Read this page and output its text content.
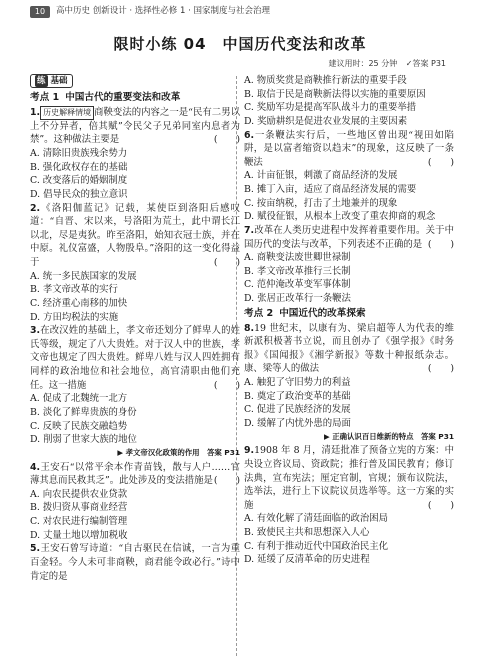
10	高中历史 创新设计 · 选择性必修 1 · 国家制度与社会治理
限时小练 04　中国历代变法和改革
建议用时：25 分钟 ✓答案 P31
练 基础
考点 1 中国古代的重要变法和改革

1. 历史解释情境 商鞅变法的内容之一是“民有二男以上不分异者，倍其赋”令民父子兄弟同室内息者为禁”。这种做法主要是	(　　)

A. 清除旧贵族残余势力

B. 强化政权存在的基础

C. 改变落后的婚姻制度

D. 倡导民众的独立意识

2.《洛阳伽蓝记》记载，某使臣到洛阳后感叹道：“自晋、宋以来，号洛阳为荒土，此中谓长江以北，尽是夷狄。昨至洛阳，始知衣冠士族，并在中原。礼仪富盛，人物殷阜。”洛阳的这一变化得益于	(　　)

A. 统一多民族国家的发展

B. 孝文帝改革的实行

C. 经济重心南移的加快

D. 方田均税法的实施

3.在改汉姓的基础上，孝文帝还划分了鲜卑人的姓氏等级，规定了八大贵姓。对于汉人中的世族，孝文帝也规定了四大贵姓。鲜卑八姓与汉人四姓拥有同样的政治地位和社会地位，高官清职由他们充任。这一措施	(　　)

A. 促成了北魏统一北方

B. 淡化了鲜卑贵族的身份

C. 反映了民族交融趋势

D. 削弱了世家大族的地位

▶ 孝文帝汉化政策的作用　答案 P31

4.王安石“以常平余本作青苗钱，散与人户……官薄其息而民救其乏”。此处涉及的变法措施是 (　　)

A. 向农民提供农业贷款

B. 拨归资从事商业经营

C. 对农民进行编制管理

D. 丈量土地以增加税收

5.王安石曾写诗道：“自古驱民在信诚，一言为重百金轻。今人未可非商鞅，商君能令政必行。”诗中肯定的是

A. 物质奖赏是商鞅推行新法的重要手段

B. 取信于民是商鞅新法得以实施的重要原因

C. 奖励军功是提高军队战斗力的重要举措

D. 奖励耕织是促进农业发展的主要因素

6.一条鞭法实行后，一些地区曾出现“视田如陷阱，是以富者缩资以趋末”的现象，这反映了一条鞭法	(　　)

A. 计亩征银，刺激了商品经济的发展

B. 摊丁入亩，适应了商品经济发展的需要

C. 按亩纳税，打击了土地兼并的现象

D. 赋役征银，从根本上改变了重农抑商的观念

7.改革在人类历史进程中发挥着重要作用。关于中国历代的变法与改革，下列表述不正确的是 (　　)

A. 商鞅变法废世卿世禄制

B. 孝文帝改革推行三长制

C. 范仲淹改革变军事体制

D. 张居正改革行一条鞭法

考点 2 中国近代的改革探索

8.19 世纪末，以康有为、梁启超等人为代表的维新派积极著书立说，而且创办了《强学报》《时务报》《国闻报》《湘学新报》等数十种报纸杂志。康、梁等人的做法	(　　)

A. 触犯了守旧势力的利益

B. 奠定了政治变革的基础

C. 促进了民族经济的发展

D. 缓解了内忧外患的局面

▶ 正确认识百日维新的特点　答案 P31

9.1908 年 8 月，清廷批准了预备立宪的方案：中央设立咨议局、资政院；推行普及国民教育；修订法典，宣布宪法；厘定官制，官规；颁布议院法，选举法，进行上下议院议员选举等。这一方案的实施	(　　)

A. 有效化解了清廷面临的政治困局

B. 致使民主共和思想深入人心

C. 有利于推动近代中国政治民主化

D. 延缓了反清革命的历史进程
